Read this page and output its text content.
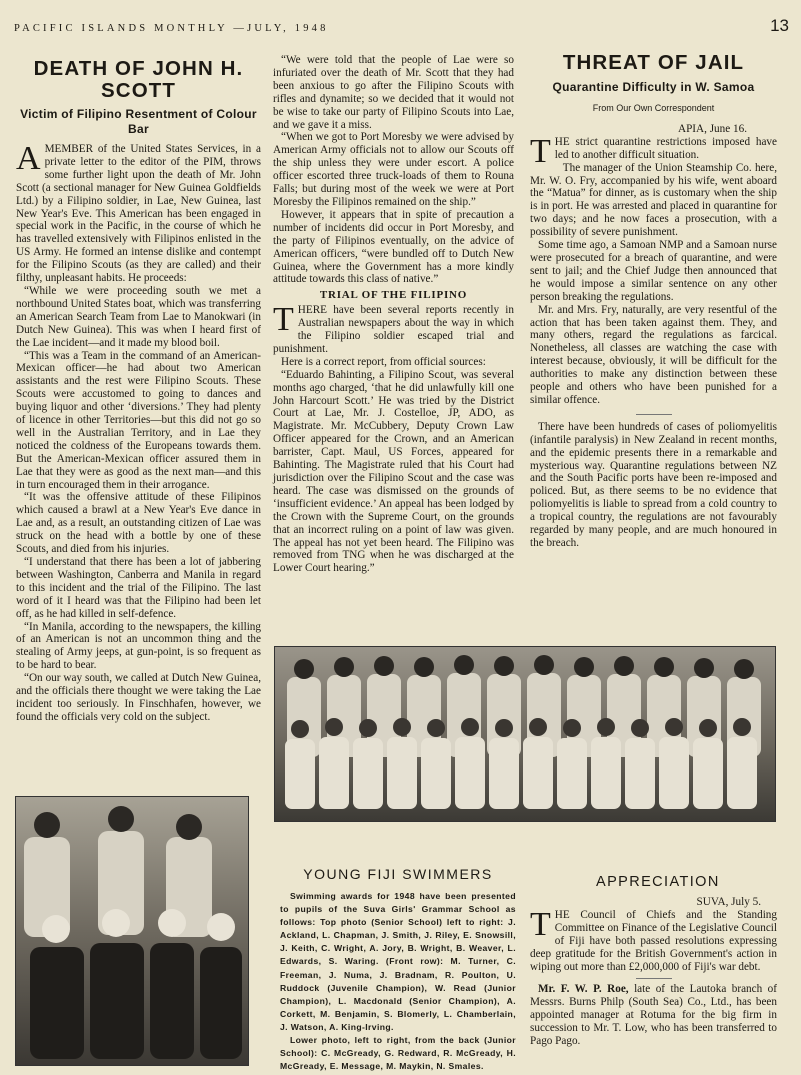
PACIFIC ISLANDS MONTHLY —JULY, 1948	13
DEATH OF JOHN H. SCOTT
Victim of Filipino Resentment of Colour Bar

AMEMBER of the United States Services, in a private letter to the editor of the PIM, throws some further light upon the death of Mr. John Scott (a sectional manager for New Guinea Goldfields Ltd.) by a Filipino soldier, in Lae, New Guinea, last New Year's Eve. This American has been engaged in special work in the Pacific, in the course of which he has travelled extensively with Filipinos enlisted in the US Army. He formed an intense dislike and contempt for the Filipino Scouts (as they are called) and their filthy, unpleasant habits. He proceeds:

“While we were proceeding south we met a northbound United States boat, which was transferring an American Search Team from Lae to Manokwari (in Dutch New Guinea). This was when I heard first of the Lae incident—and it made my blood boil.

“This was a Team in the command of an American-Mexican officer—he had about two American assistants and the rest were Filipino Scouts. These Scouts were accustomed to going to dances and buying liquor and other ‘diversions.’ They had plenty of licence in other Territories—but this did not go so well in the Australian Territory, and in Lae they noticed the coldness of the Europeans towards them. But the American-Mexican officer assured them in Lae that they were as good as the next man—and this in turn encouraged them in their arrogance.

“It was the offensive attitude of these Filipinos which caused a brawl at a New Year's Eve dance in Lae and, as a result, an outstanding citizen of Lae was struck on the head with a bottle by one of these Scouts, and died from his injuries.

“I understand that there has been a lot of jabbering between Washington, Canberra and Manila in regard to this incident and the trial of the Filipino. The last word of it I heard was that the Filipino had been let off, as he had killed in self-defence.

“In Manila, according to the newspapers, the killing of an American is not an uncommon thing and the stealing of Army jeeps, at gun-point, is so frequent as to be hard to bear.

“On our way south, we called at Dutch New Guinea, and the officials there thought we were taking the Lae incident too seriously. In Finschhafen, however, we found the officials very cold on the subject.

“We were told that the people of Lae were so infuriated over the death of Mr. Scott that they had been anxious to go after the Filipino Scouts with rifles and dynamite; so we decided that it would not be wise to take our party of Filipino Scouts into Lae, and we gave it a miss.

“When we got to Port Moresby we were advised by American Army officials not to allow our Scouts off the ship unless they were under escort. A police officer escorted three truck-loads of them to Rouna Falls; but during most of the week we were at Port Moresby the Filipinos remained on the ship.”

However, it appears that in spite of precaution a number of incidents did occur in Port Moresby, and the party of Filipinos eventually, on the advice of American officers, “were bundled off to Dutch New Guinea, where the Government has a more kindly attitude towards this class of native.”

TRIAL OF THE FILIPINO

THERE have been several reports recently in Australian newspapers about the way in which the Filipino soldier escaped trial and punishment.

Here is a correct report, from official sources:

“Eduardo Bahinting, a Filipino Scout, was several months ago charged, ‘that he did unlawfully kill one John Harcourt Scott.’ He was tried by the District Court at Lae, Mr. J. Costelloe, JP, ADO, as Magistrate. Mr. McCubbery, Deputy Crown Law Officer appeared for the Crown, and an American barrister, Capt. Maul, US Forces, appeared for Bahinting. The Magistrate ruled that his Court had jurisdiction over the Filipino Scout and the case was heard. The case was dismissed on the grounds of ‘insufficient evidence.’ An appeal has been lodged by the Crown with the Supreme Court, on the grounds that an incorrect ruling on a point of law was given. The appeal has not yet been heard. The Filipino was removed from TNG when he was discharged at the Lower Court hearing.”

THREAT OF JAIL
Quarantine Difficulty in W. Samoa
From Our Own Correspondent
APIA, June 16.

THE strict quarantine restrictions imposed have led to another difficult situation.

The manager of the Union Steamship Co. here, Mr. W. O. Fry, accompanied by his wife, went aboard the “Matua” for dinner, as is customary when the ship is in port. He was arrested and placed in quarantine for two days; and he now faces a prosecution, with a possibility of severe punishment.

Some time ago, a Samoan NMP and a Samoan nurse were prosecuted for a breach of quarantine, and were sent to jail; and the Chief Judge then announced that he would impose a similar sentence on any other person breaking the regulations.

Mr. and Mrs. Fry, naturally, are very resentful of the action that has been taken against them. They, and many others, regard the regulations as farcical. Nonetheless, all classes are watching the case with interest because, obviously, it will be difficult for the authorities to make any distinction between these people and others who have been punished for a similar offence.

There have been hundreds of cases of poliomyelitis (infantile paralysis) in New Zealand in recent months, and the epidemic presents there in a remarkable and mysterious way. Quarantine regulations between NZ and the South Pacific ports have been re-imposed and policed. But, as there seems to be no evidence that poliomyelitis is liable to spread from a cold country to a tropical country, the regulations are not favourably regarded by many people, and are much honoured in the breach.

YOUNG FIJI SWIMMERS

Swimming awards for 1948 have been presented to pupils of the Suva Girls' Grammar School as follows: Top photo (Senior School) left to right: J. Ackland, L. Chapman, J. Smith, J. Riley, E. Snowsill, J. Keith, C. Wright, A. Jory, B. Wright, B. Weaver, L. Edwards, S. Waring. (Front row): M. Turner, C. Freeman, J. Numa, J. Bradnam, R. Poulton, U. Ruddock (Juvenile Champion), W. Read (Junior Champion), L. Macdonald (Senior Champion), A. Corkett, M. Benjamin, S. Blomerly, L. Chamberlain, J. Watson, A. King-Irving.

Lower photo, left to right, from the back (Junior School): C. McGready, G. Redward, R. McGready, H. McGready, E. Message, M. Maykin, N. Smales.

APPRECIATION
SUVA, July 5.

THE Council of Chiefs and the Standing Committee on Finance of the Legislative Council of Fiji have both passed resolutions expressing deep gratitude for the British Government's action in wiping out more than £2,000,000 of Fiji's war debt.

Mr. F. W. P. Roe, late of the Lautoka branch of Messrs. Burns Philp (South Sea) Co., Ltd., has been appointed manager at Rotuma for the big firm in succession to Mr. T. Low, who has been transferred to Pago Pago.
